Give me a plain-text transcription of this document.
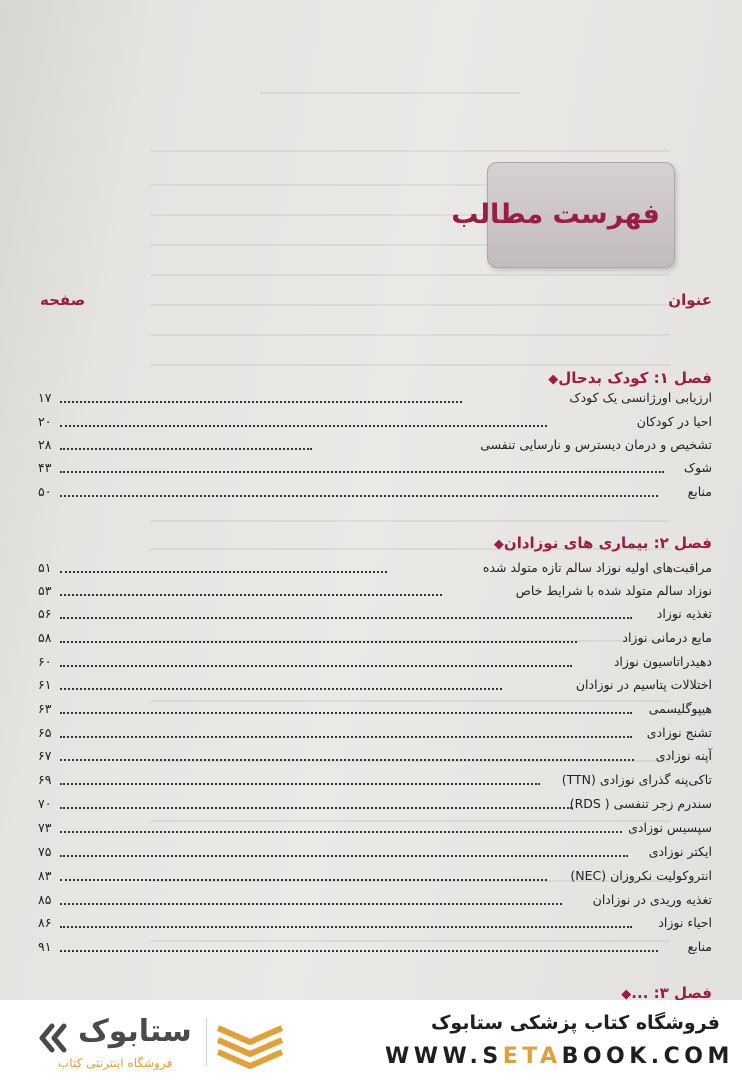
فهرست مطالب
عنوان
صفحه
فصل ۱: کودک بدحال◆
ارزیابی اورژانسی یک کودک
۱۷
احیا در کودکان
۲۰
تشخیص و درمان دیسترس و نارسایی تنفسی
۲۸
شوک
۴۳
منابع
۵۰
فصل ۲: بیماری های نوزادان◆
مراقبت‌های اولیه نوزاد سالم تازه متولد شده
۵۱
نوزاد سالم متولد شده با شرایط خاص
۵۳
تغذیه نوزاد
۵۶
مایع درمانی نوزاد
۵۸
دهیدراتاسیون نوزاد
۶۰
اختلالات پتاسیم در نوزادان
۶۱
هیپوگلیسمی
۶۳
تشنج نوزادی
۶۵
آپنه نوزادی
۶۷
تاکی‌پنه گذرای نوزادی (TTN)
۶۹
سندرم زجر تنفسی ( RDS)
۷۰
سپسیس نوزادی
۷۳
ایکتر نوزادی
۷۵
انتروکولیت نکروزان (NEC)
۸۳
تغذیه وریدی در نوزادان
۸۵
احیاء نوزاد
۸۶
منابع
۹۱
فصل ۳: ...◆
فروشگاه کتاب پزشکی ستابوک
WWW.SETABOOK.COM
ستابوک
فروشگاه اینترنتی کتاب
